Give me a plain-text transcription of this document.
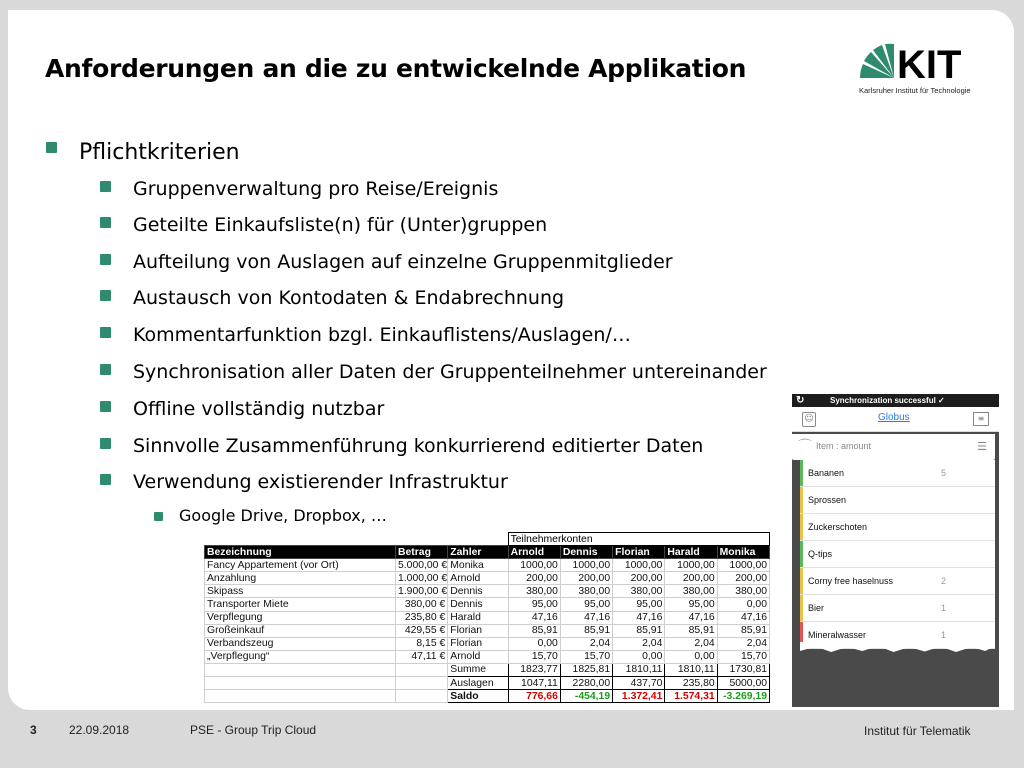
Anforderungen an die zu entwickelnde Applikation	KIT
Karlsruher Institut für Technologie
Pflichtkriterien
Gruppenverwaltung pro Reise/Ereignis
Geteilte Einkaufsliste(n) für (Unter)gruppen
Aufteilung von Auslagen auf einzelne Gruppenmitglieder
Austausch von Kontodaten & Endabrechnung
Kommentarfunktion bzgl. Einkauflistens/Auslagen/…
Synchronisation aller Daten der Gruppenteilnehmer untereinander
Offline vollständig nutzbar
Sinnvolle Zusammenführung konkurrierend editierter Daten
Verwendung existierender Infrastruktur
Google Drive, Dropbox, …
			Teilnehmerkonten				
Bezeichnung	Betrag	Zahler	Arnold	Dennis	Florian	Harald	Monika
Fancy Appartement (vor Ort)	5.000,00 €	Monika	1000,00	1000,00	1000,00	1000,00	1000,00
Anzahlung	1.000,00 €	Arnold	200,00	200,00	200,00	200,00	200,00
Skipass	1.900,00 €	Dennis	380,00	380,00	380,00	380,00	380,00
Transporter Miete	380,00 €	Dennis	95,00	95,00	95,00	95,00	0,00
Verpflegung	235,80 €	Harald	47,16	47,16	47,16	47,16	47,16
Großeinkauf	429,55 €	Florian	85,91	85,91	85,91	85,91	85,91
Verbandszeug	8,15 €	Florian	0,00	2,04	2,04	2,04	2,04
„Verpflegung“	47,11 €	Arnold	15,70	15,70	0,00	0,00	15,70
		Summe	1823,77	1825,81	1810,11	1810,11	1730,81
		Auslagen	1047,11	2280,00	437,70	235,80	5000,00
		Saldo	776,66	-454,19	1.372,41	1.574,31	-3.269,19
↻	Synchronization successful ✓
☺	Globus	≡
⌒ Item : amount	☰
Bananen	5
Sprossen
Zuckerschoten
Q-tips
Corny free haselnuss	2
Bier	1
Mineralwasser	1
3	22.09.2018	PSE - Group Trip Cloud	Institut für Telematik
